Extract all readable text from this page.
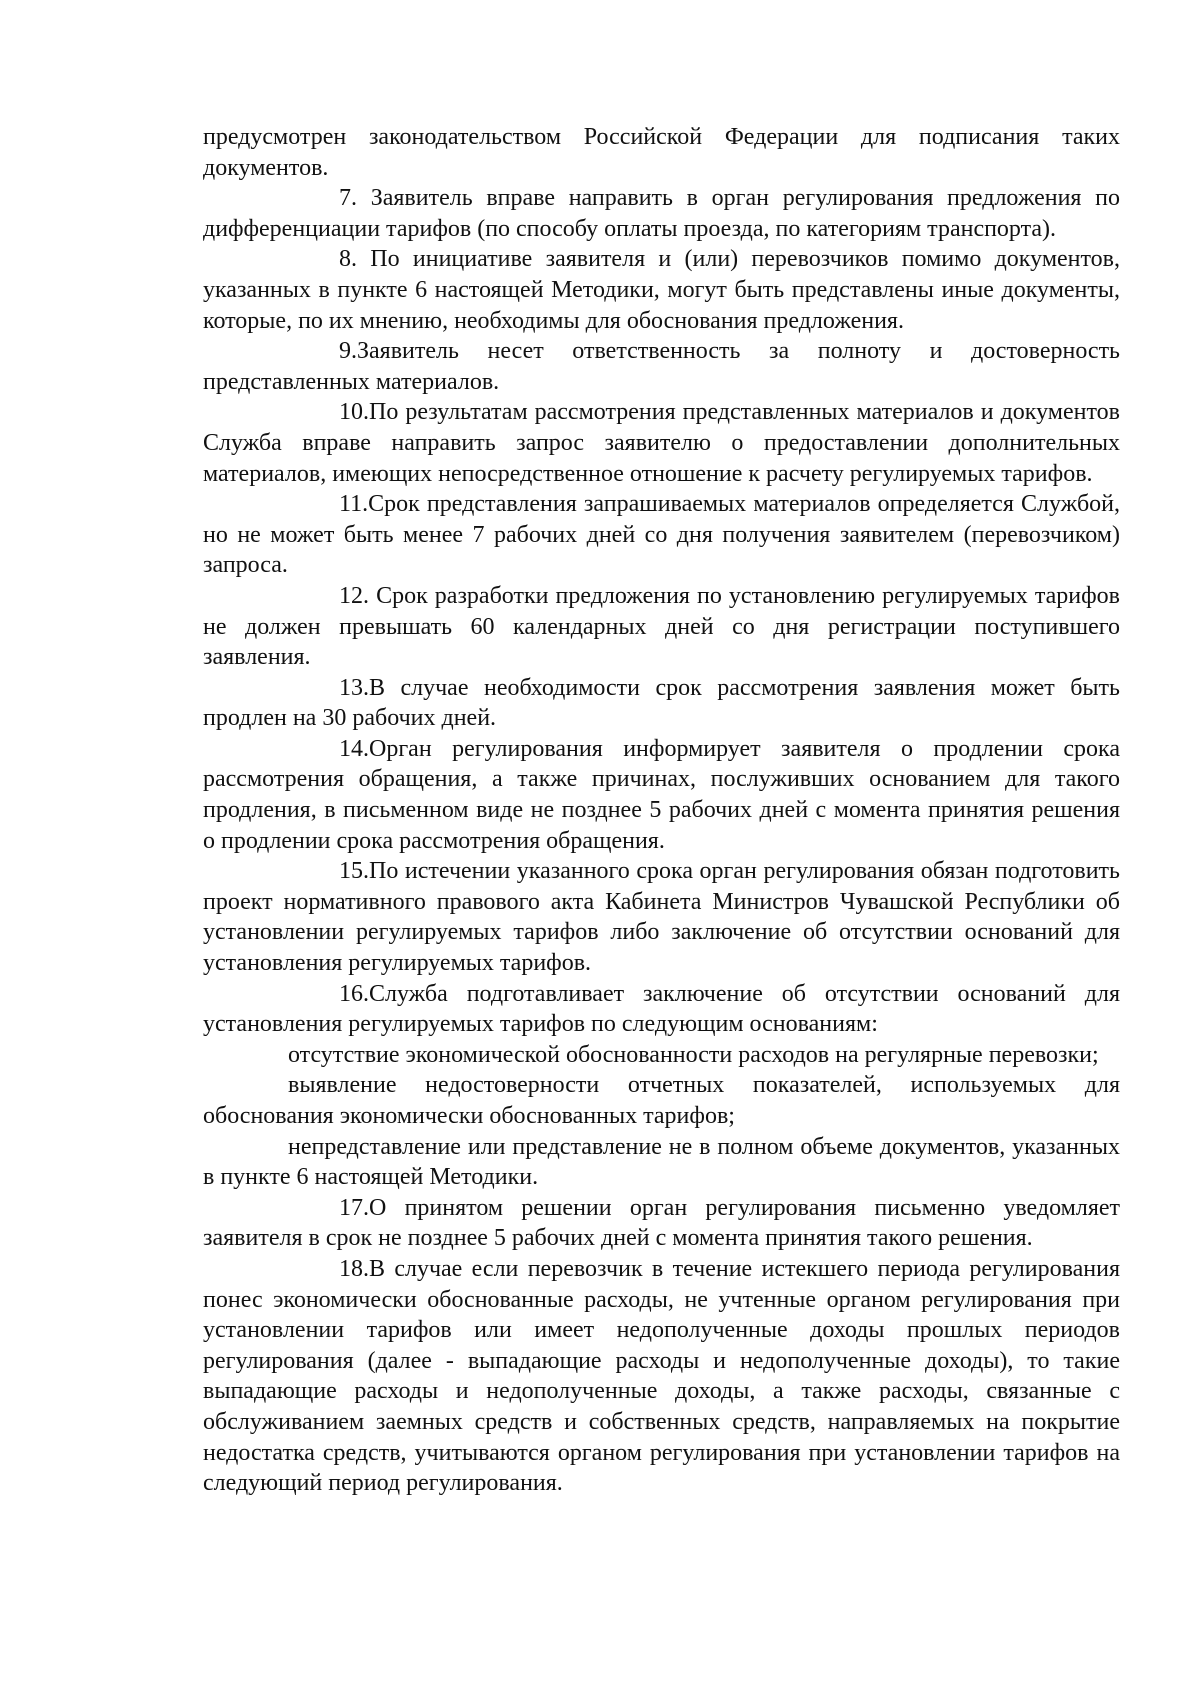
предусмотрен законодательством Российской Федерации для подписания таких документов.

7. Заявитель вправе направить в орган регулирования предложения по дифференциации тарифов (по способу оплаты проезда, по категориям транспорта).

8. По инициативе заявителя и (или) перевозчиков помимо документов, указанных в пункте 6 настоящей Методики, могут быть представлены иные документы, которые, по их мнению, необходимы для обоснования предложения.

9.Заявитель несет ответственность за полноту и достоверность представленных материалов.

10.По результатам рассмотрения представленных материалов и документов Служба вправе направить запрос заявителю о предоставлении дополнительных материалов, имеющих непосредственное отношение к расчету регулируемых тарифов.

11.Срок представления запрашиваемых материалов определяется Службой, но не может быть менее 7 рабочих дней со дня получения заявителем (перевозчиком) запроса.

12. Срок разработки предложения по установлению регулируемых тарифов не должен превышать 60 календарных дней со дня регистрации поступившего заявления.

13.В случае необходимости срок рассмотрения заявления может быть продлен на 30 рабочих дней.

14.Орган регулирования информирует заявителя о продлении срока рассмотрения обращения, а также причинах, послуживших основанием для такого продления, в письменном виде не позднее 5 рабочих дней с момента принятия решения о продлении срока рассмотрения обращения.

15.По истечении указанного срока орган регулирования обязан подготовить проект нормативного правового акта Кабинета Министров Чувашской Республики об установлении регулируемых тарифов либо заключение об отсутствии оснований для установления регулируемых тарифов.

16.Служба подготавливает заключение об отсутствии оснований для установления регулируемых тарифов по следующим основаниям:

отсутствие экономической обоснованности расходов на регулярные перевозки;

выявление недостоверности отчетных показателей, используемых для обоснования экономически обоснованных тарифов;

непредставление или представление не в полном объеме документов, указанных в пункте 6 настоящей Методики.

17.О принятом решении орган регулирования письменно уведомляет заявителя в срок не позднее 5 рабочих дней с момента принятия такого решения.

18.В случае если перевозчик в течение истекшего периода регулирования понес экономически обоснованные расходы, не учтенные органом регулирования при установлении тарифов или имеет недополученные доходы прошлых периодов регулирования (далее - выпадающие расходы и недополученные доходы), то такие выпадающие расходы и недополученные доходы, а также расходы, связанные с обслуживанием заемных средств и собственных средств, направляемых на покрытие недостатка средств, учитываются органом регулирования при установлении тарифов на следующий период регулирования.
